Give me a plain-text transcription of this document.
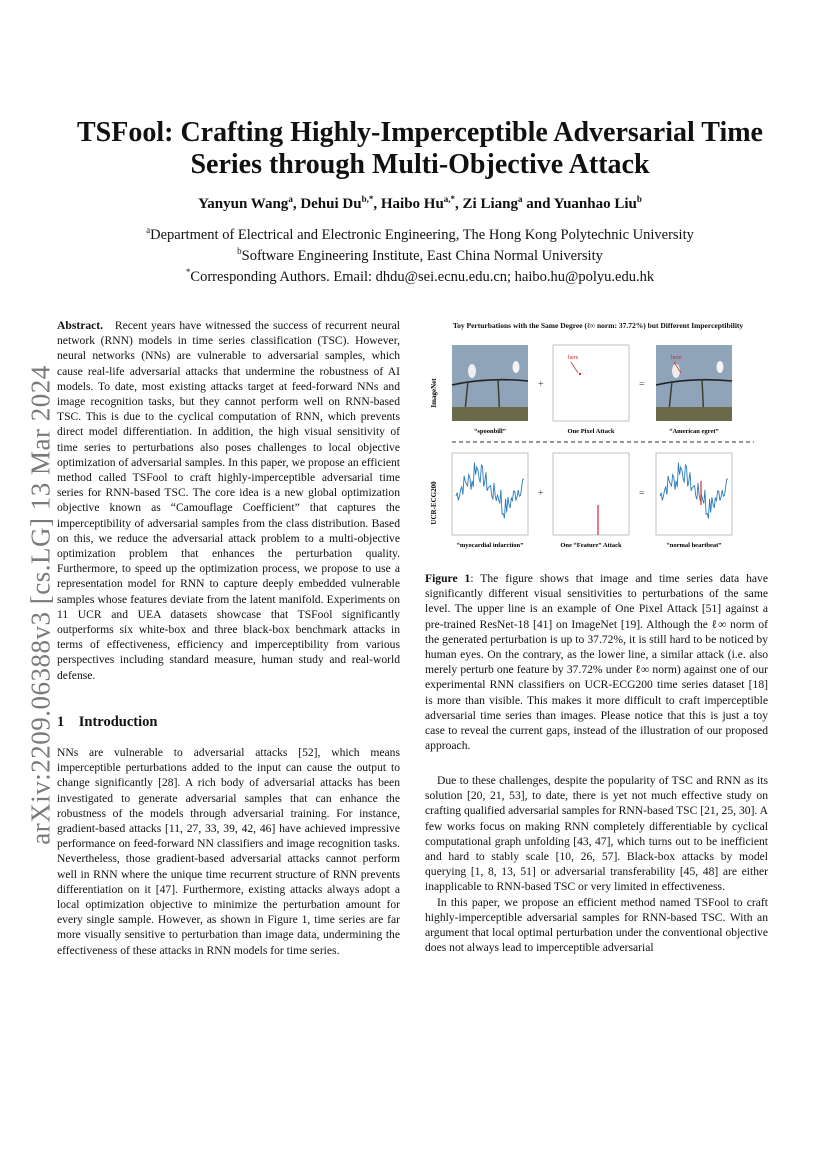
arXiv:2209.06388v3 [cs.LG] 13 Mar 2024
TSFool: Crafting Highly-Imperceptible Adversarial Time
Series through Multi-Objective Attack
Yanyun Wang$^a$, Dehui $Du^{b,*}$, Haibo $Hu^{a,*}$, Zi Liang$^a$ and Yuanhao Liu$^b$
$^a$Department of Electrical and Electronic Engineering, The Hong Kong Polytechnic University
$^b$Software Engineering Institute, East China Normal University
*Corresponding Authors. Email: dhdu@sei.ecnu.edu.cn; haibo.hu@polyu.edu.hk

Abstract. Recent years have witnessed the success of recurrent neural network (RNN) models in time series classification (TSC). However, neural networks (NNs) are vulnerable to adversarial samples, which cause real-life adversarial attacks that undermine the robustness of AI models. To date, most existing attacks target at feed-forward NNs and image recognition tasks, but they cannot perform well on RNN-based TSC. This is due to the cyclical computation of RNN, which prevents direct model differentiation. In addition, the high visual sensitivity of time series to perturbations also poses challenges to local objective optimization of adversarial samples. In this paper, we propose an efficient method called TSFool to craft highly-imperceptible adversarial time series for RNN-based TSC. The core idea is a new global optimization objective known as “Camouflage Coefficient” that captures the imperceptibility of adversarial samples from the class distribution. Based on this, we reduce the adversarial attack problem to a multi-objective optimization problem that enhances the perturbation quality. Furthermore, to speed up the optimization process, we propose to use a representation model for RNN to capture deeply embedded vulnerable samples whose features deviate from the latent manifold. Experiments on 11 UCR and UEA datasets showcase that TSFool significantly outperforms six white-box and three black-box benchmark attacks in terms of effectiveness, efficiency and imperceptibility from various perspectives including standard measure, human study and real-world defense.

1 Introduction

NNs are vulnerable to adversarial attacks [52], which means imperceptible perturbations added to the input can cause the output to change significantly [28]. A rich body of adversarial attacks has been investigated to generate adversarial samples that can enhance the robustness of the models through adversarial training. For instance, gradient-based attacks [11, 27, 33, 39, 42, 46] have achieved impressive performance on feed-forward NN classifiers and image recognition tasks. Nevertheless, those gradient-based adversarial attacks cannot perform well in RNN where the unique time recurrent structure of RNN prevents differentiation on it [47]. Furthermore, existing attacks always adopt a local optimization objective to minimize the perturbation amount for every single sample. However, as shown in Figure 1, time series are far more visually sensitive to perturbation than image data, undermining the effectiveness of these attacks in RNN models for time series.

Toy Perturbations with the Same Degree (ℓ∞ norm: 37.72%) but Different Imperceptibility
ImageNet
UCR-ECG200
+
here
=
here
“spoonbill”	One Pixel Attack	“American egret”
+	=
“myocardial infarction”	One “Feature” Attack	“normal heartbeat”

Figure 1: The figure shows that image and time series data have significantly different visual sensitivities to perturbations of the same level. The upper line is an example of One Pixel Attack [51] against a pre-trained ResNet-18 [41] on ImageNet [19]. Although the ℓ∞ norm of the generated perturbation is up to 37.72%, it is still hard to be noticed by human eyes. On the contrary, as the lower line, a similar attack (i.e. also merely perturb one feature by 37.72% under ℓ∞ norm) against one of our experimental RNN classifiers on UCR-ECG200 time series dataset [18] is more than visible. This makes it more difficult to craft imperceptible adversarial time series than images. Please notice that this is just a toy case to reveal the current gaps, instead of the illustration of our proposed approach.

Due to these challenges, despite the popularity of TSC and RNN as its solution [20, 21, 53], to date, there is yet not much effective study on crafting qualified adversarial samples for RNN-based TSC [21, 25, 30]. A few works focus on making RNN completely differentiable by cyclical computational graph unfolding [43, 47], which turns out to be inefficient and hard to stably scale [10, 26, 57]. Black-box attacks by model querying [1, 8, 13, 51] or adversarial transferability [45, 48] are either inapplicable to RNN-based TSC or very limited in effectiveness.

In this paper, we propose an efficient method named TSFool to craft highly-imperceptible adversarial samples for RNN-based TSC. With an argument that local optimal perturbation under the conventional objective does not always lead to imperceptible adversarial
